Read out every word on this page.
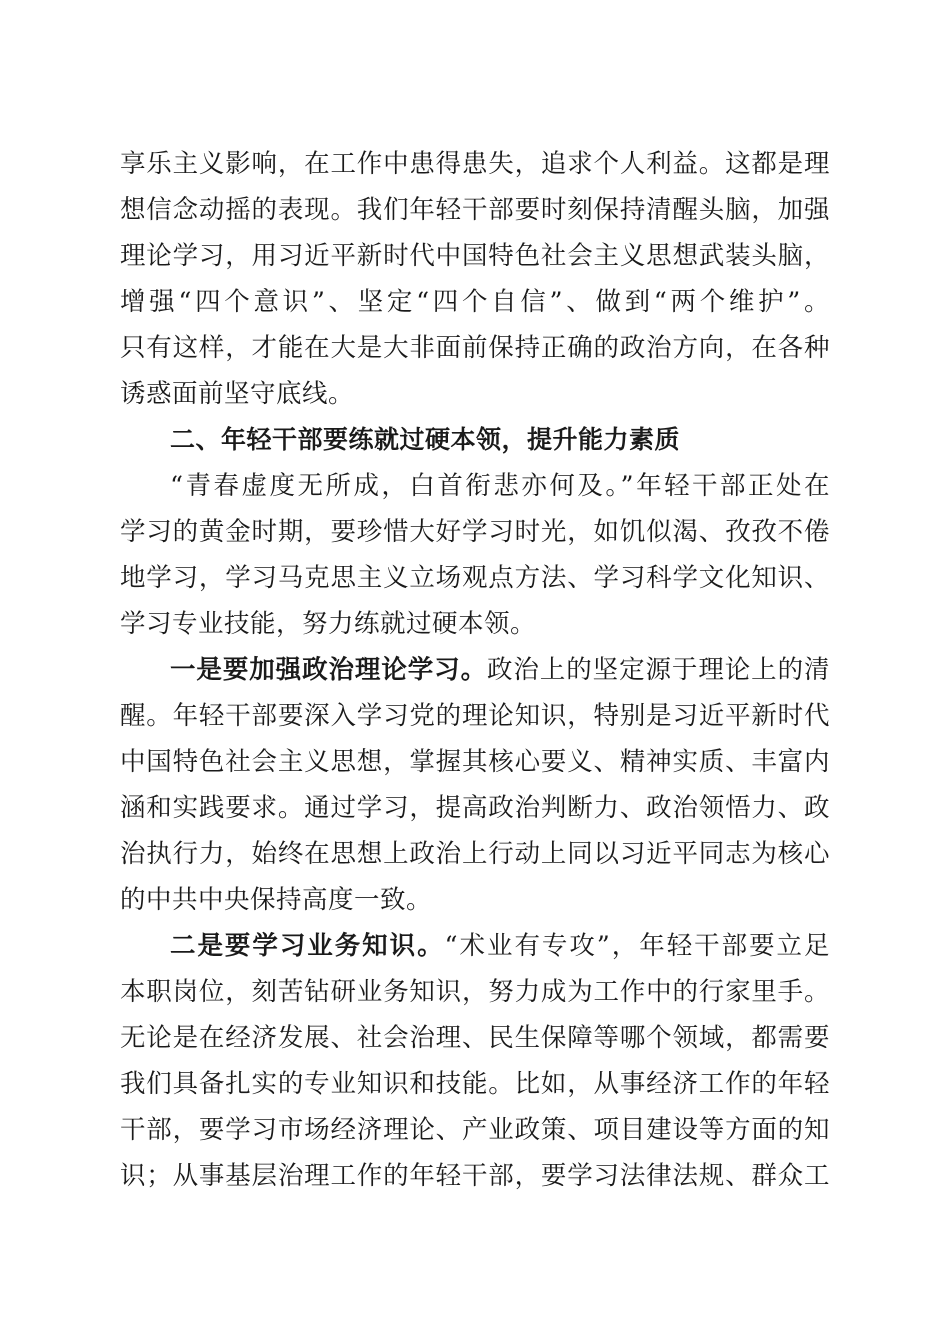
享乐主义影响，在工作中患得患失，追求个人利益。这都是理
想信念动摇的表现。我们年轻干部要时刻保持清醒头脑，加强
理论学习，用习近平新时代中国特色社会主义思想武装头脑，
增强“四个意识”、坚定“四个自信”、做到“两个维护”。
只有这样，才能在大是大非面前保持正确的政治方向，在各种
诱惑面前坚守底线。
二、年轻干部要练就过硬本领，提升能力素质
“青春虚度无所成，白首衔悲亦何及。”年轻干部正处在
学习的黄金时期，要珍惜大好学习时光，如饥似渴、孜孜不倦
地学习，学习马克思主义立场观点方法、学习科学文化知识、
学习专业技能，努力练就过硬本领。
一是要加强政治理论学习。政治上的坚定源于理论上的清
醒。年轻干部要深入学习党的理论知识，特别是习近平新时代
中国特色社会主义思想，掌握其核心要义、精神实质、丰富内
涵和实践要求。通过学习，提高政治判断力、政治领悟力、政
治执行力，始终在思想上政治上行动上同以习近平同志为核心
的中共中央保持高度一致。
二是要学习业务知识。“术业有专攻”，年轻干部要立足
本职岗位，刻苦钻研业务知识，努力成为工作中的行家里手。
无论是在经济发展、社会治理、民生保障等哪个领域，都需要
我们具备扎实的专业知识和技能。比如，从事经济工作的年轻
干部，要学习市场经济理论、产业政策、项目建设等方面的知
识；从事基层治理工作的年轻干部，要学习法律法规、群众工
